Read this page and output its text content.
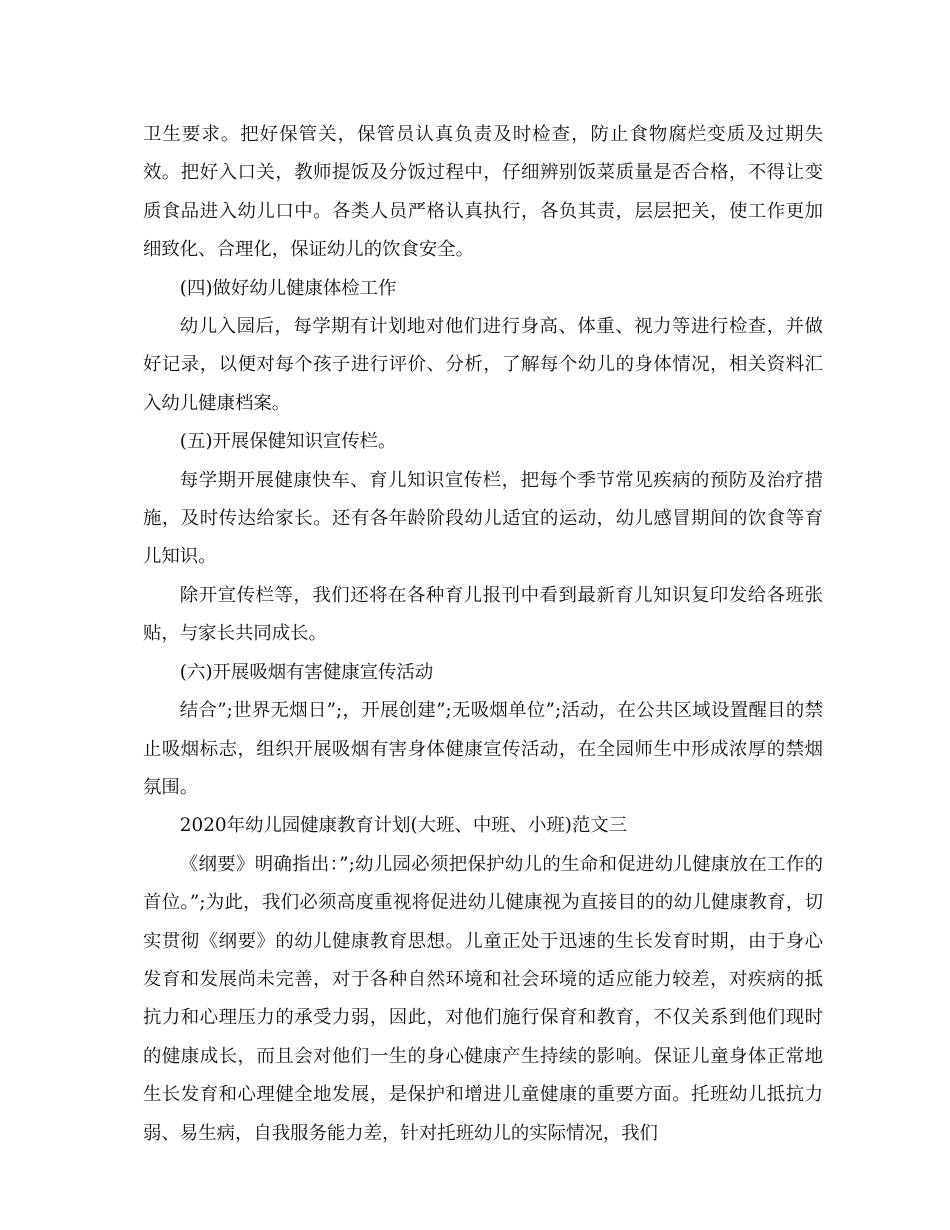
卫生要求。把好保管关，保管员认真负责及时检查，防止食物腐烂变质及过期失效。把好入口关，教师提饭及分饭过程中，仔细辨别饭菜质量是否合格，不得让变质食品进入幼儿口中。各类人员严格认真执行，各负其责，层层把关，使工作更加细致化、合理化，保证幼儿的饮食安全。

(四)做好幼儿健康体检工作

幼儿入园后，每学期有计划地对他们进行身高、体重、视力等进行检查，并做好记录，以便对每个孩子进行评价、分析，了解每个幼儿的身体情况，相关资料汇入幼儿健康档案。

(五)开展保健知识宣传栏。

每学期开展健康快车、育儿知识宣传栏，把每个季节常见疾病的预防及治疗措施，及时传达给家长。还有各年龄阶段幼儿适宜的运动，幼儿感冒期间的饮食等育儿知识。

除开宣传栏等，我们还将在各种育儿报刊中看到最新育儿知识复印发给各班张贴，与家长共同成长。

(六)开展吸烟有害健康宣传活动

结合”;世界无烟日”;，开展创建”;无吸烟单位”;活动，在公共区域设置醒目的禁止吸烟标志，组织开展吸烟有害身体健康宣传活动，在全园师生中形成浓厚的禁烟氛围。

2020年幼儿园健康教育计划(大班、中班、小班)范文三

《纲要》明确指出：”;幼儿园必须把保护幼儿的生命和促进幼儿健康放在工作的首位。”;为此，我们必须高度重视将促进幼儿健康视为直接目的的幼儿健康教育，切实贯彻《纲要》的幼儿健康教育思想。儿童正处于迅速的生长发育时期，由于身心发育和发展尚未完善，对于各种自然环境和社会环境的适应能力较差，对疾病的抵抗力和心理压力的承受力弱，因此，对他们施行保育和教育，不仅关系到他们现时的健康成长，而且会对他们一生的身心健康产生持续的影响。保证儿童身体正常地生长发育和心理健全地发展，是保护和增进儿童健康的重要方面。托班幼儿抵抗力弱、易生病，自我服务能力差，针对托班幼儿的实际情况，我们
